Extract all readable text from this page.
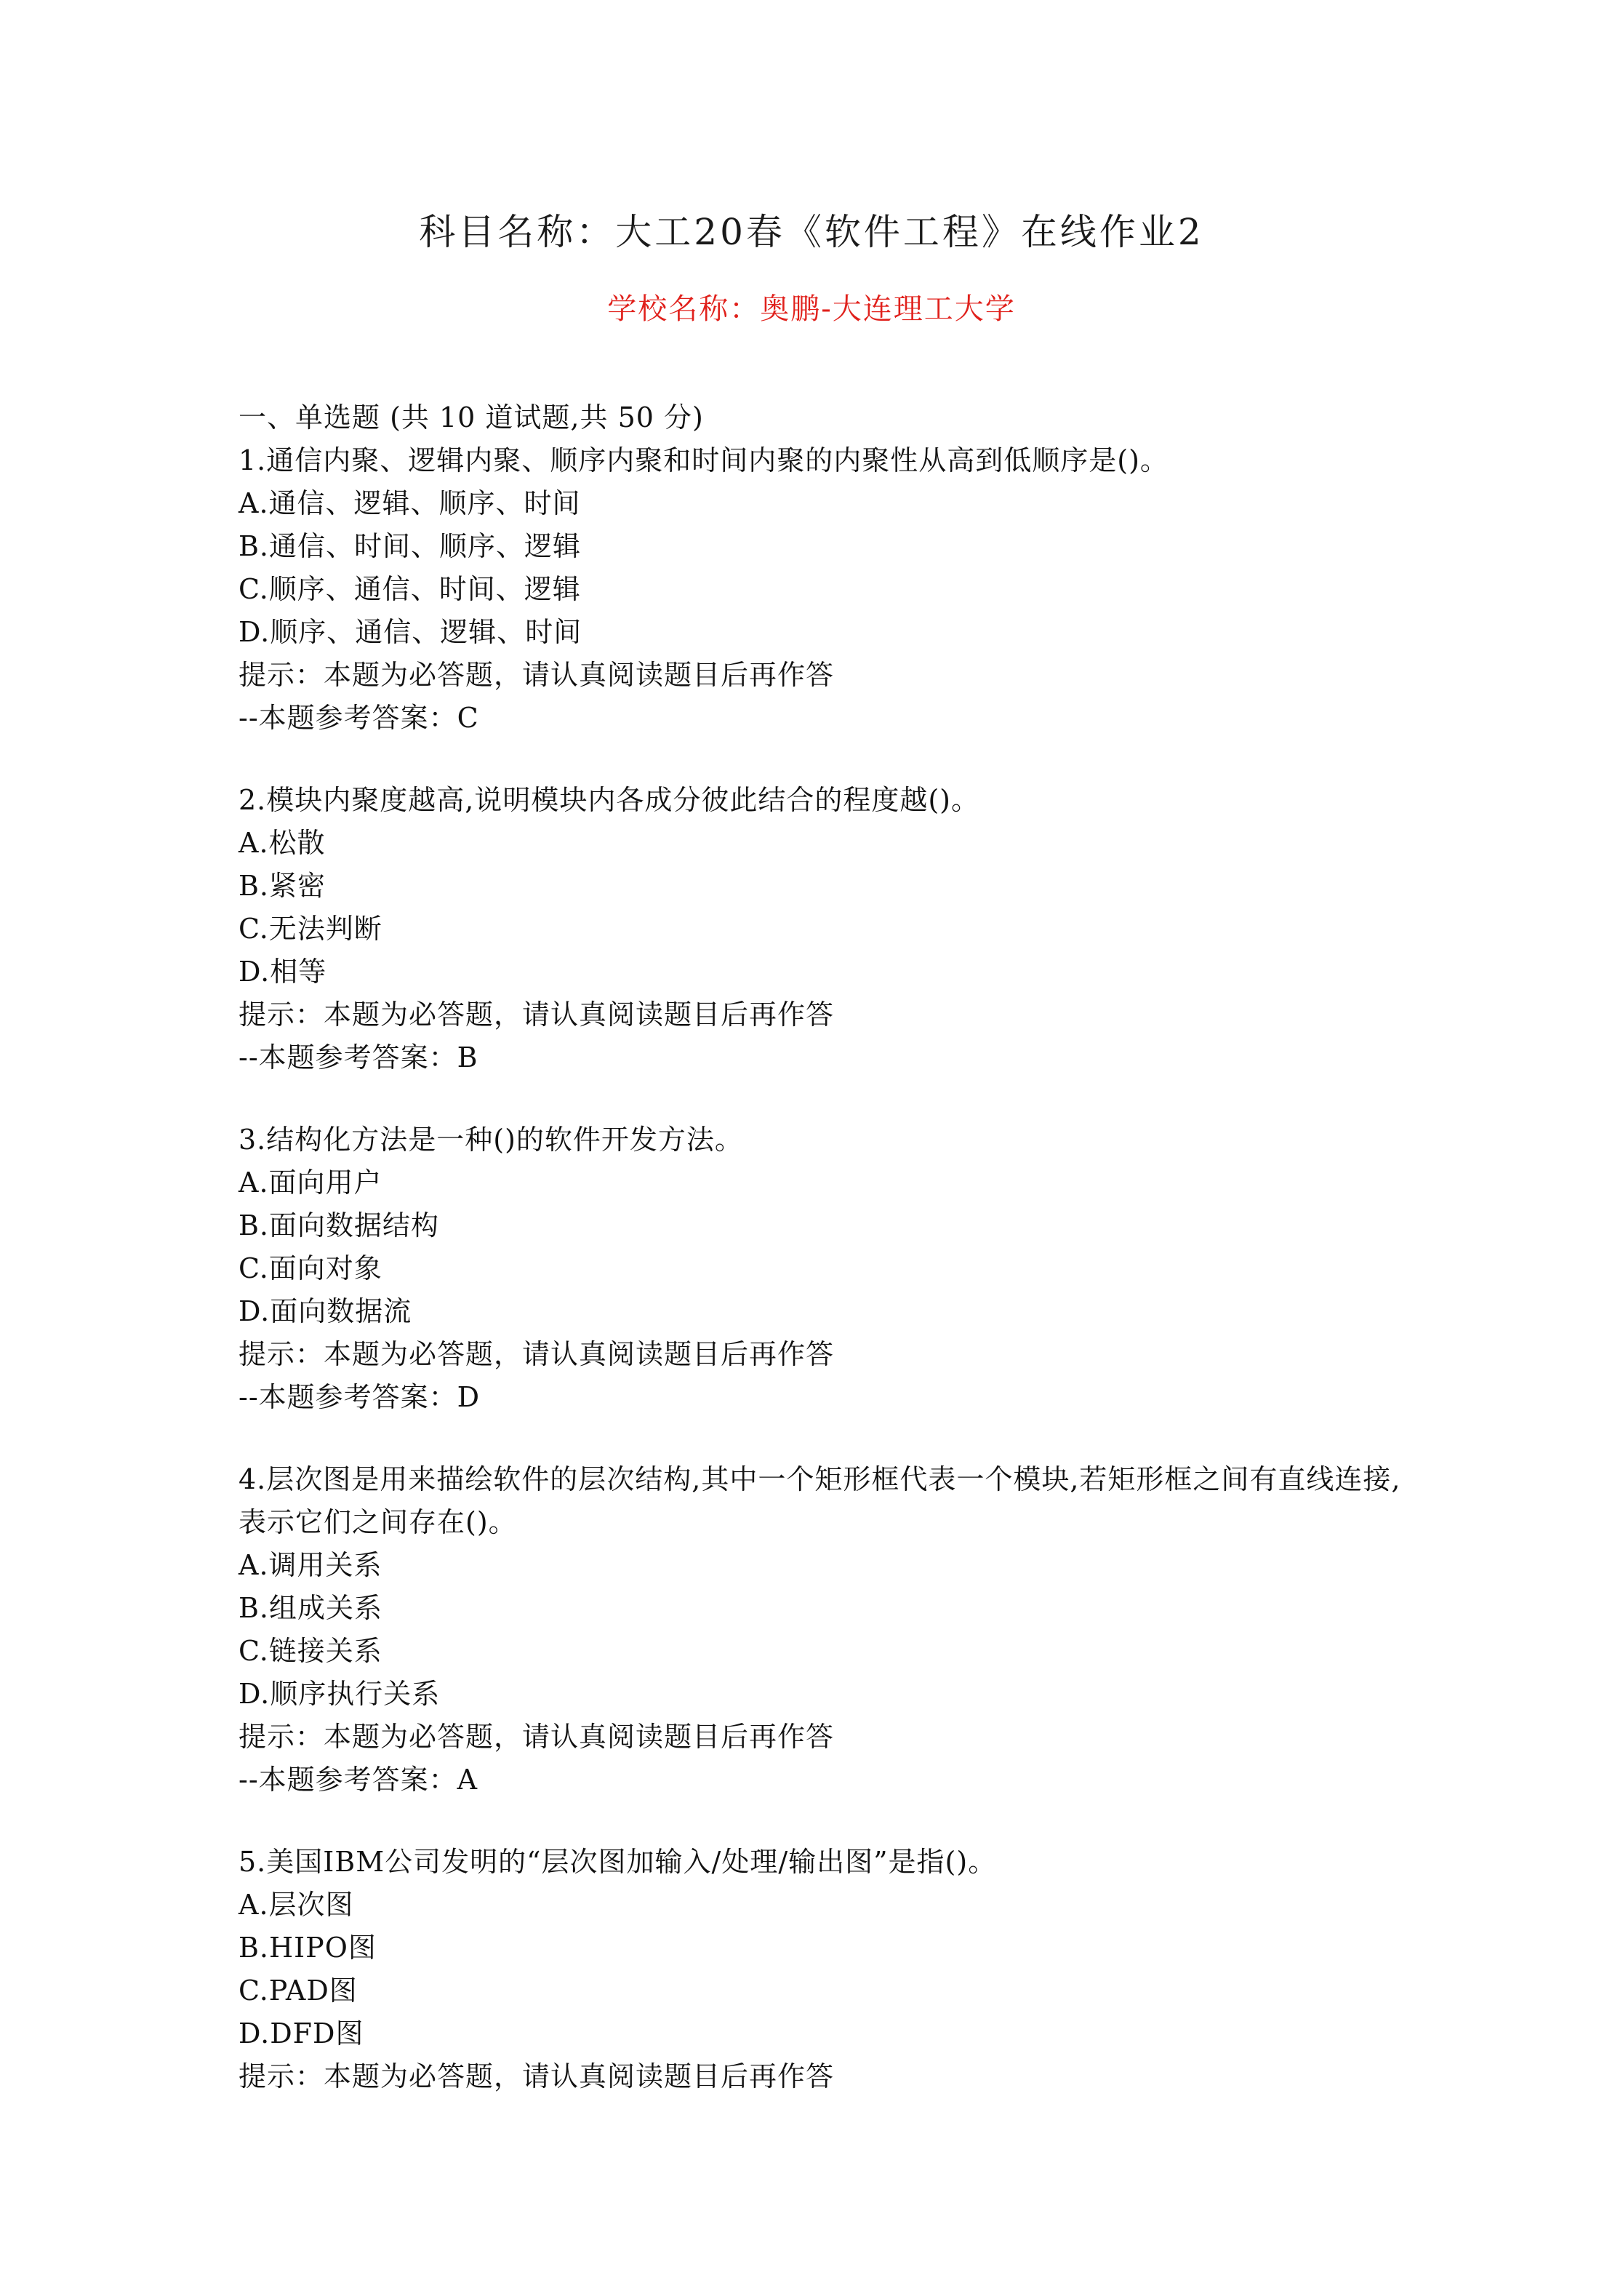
科目名称：大工20春《软件工程》在线作业2
学校名称：奥鹏-大连理工大学
一、单选题 (共 10 道试题,共 50 分)
1.通信内聚、逻辑内聚、顺序内聚和时间内聚的内聚性从高到低顺序是()。
A.通信、逻辑、顺序、时间
B.通信、时间、顺序、逻辑
C.顺序、通信、时间、逻辑
D.顺序、通信、逻辑、时间
提示：本题为必答题，请认真阅读题目后再作答
--本题参考答案：C
2.模块内聚度越高,说明模块内各成分彼此结合的程度越()。
A.松散
B.紧密
C.无法判断
D.相等
提示：本题为必答题，请认真阅读题目后再作答
--本题参考答案：B
3.结构化方法是一种()的软件开发方法。
A.面向用户
B.面向数据结构
C.面向对象
D.面向数据流
提示：本题为必答题，请认真阅读题目后再作答
--本题参考答案：D
4.层次图是用来描绘软件的层次结构,其中一个矩形框代表一个模块,若矩形框之间有直线连接,表示它们之间存在()。
A.调用关系
B.组成关系
C.链接关系
D.顺序执行关系
提示：本题为必答题，请认真阅读题目后再作答
--本题参考答案：A
5.美国IBM公司发明的“层次图加输入/处理/输出图”是指()。
A.层次图
B.HIPO图
C.PAD图
D.DFD图
提示：本题为必答题，请认真阅读题目后再作答
